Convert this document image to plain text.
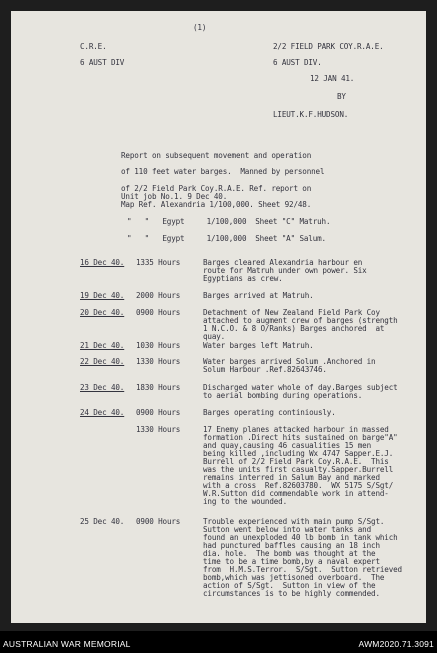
(1)
C.R.E.
6 AUST DIV
2/2 FIELD PARK COY.R.A.E.
6 AUST DIV.
12 JAN 41.
BY
LIEUT.K.F.HUDSON.
Report on subsequent movement and operation
of 110 feet water barges.  Manned by personnel
of 2/2 Field Park Coy.R.A.E. Ref. report on
Unit job No.1. 9 Dec 40.
Map Ref. Alexandria 1/100,000. Sheet 92/48.
"   "   Egypt     1/100,000  Sheet "C" Matruh.
"   "   Egypt     1/100,000  Sheet "A" Salum.
16 Dec 40. 1335 Hours	Barges cleared Alexandria harbour en
route for Matruh under own power. Six
Egyptians as crew.
19 Dec 40. 2000 Hours	Barges arrived at Matruh.
20 Dec 40. 0900 Hours	Detachment of New Zealand Field Park Coy
attached to augment crew of barges (strength
1 N.C.O. & 8 O/Ranks) Barges anchored  at
quay.
21 Dec 40. 1030 Hours	Water barges left Matruh.
22 Dec 40. 1330 Hours	Water barges arrived Solum .Anchored in
Solum Harbour .Ref.82643746.
23 Dec 40. 1830 Hours	Discharged water whole of day.Barges subject
to aerial bombing during operations.
24 Dec 40. 0900 Hours	Barges operating continiously.
1330 Hours	17 Enemy planes attacked harbour in massed
formation .Direct hits sustained on barge"A"
and quay,causing 46 casualities 15 men
being killed ,including Wx 4747 Sapper.E.J.
Burrell of 2/2 Field Park Coy.R.A.E.  This
was the units first casualty.Sapper.Burrell
remains interred in Salum Bay and marked
with a cross  Ref.82603780.  WX 5175 S/Sgt/
W.R.Sutton did commendable work in attend-
ing to the wounded.
25 Dec 40. 0900 Hours	Trouble experienced with main pump S/Sgt.
Sutton went below into water tanks and
found an unexploded 40 lb bomb in tank which
had punctured baffles causing an 18 inch
dia. hole.  The bomb was thought at the
time to be a time bomb,by a naval expert
from  H.M.S.Terror.  S/Sgt.  Sutton retrieved
bomb,which was jettisoned overboard.  The
action of S/Sgt.  Sutton in view of the
circumstances is to be highly commended.
AUSTRALIAN WAR MEMORIAL	AWM2020.71.3091
